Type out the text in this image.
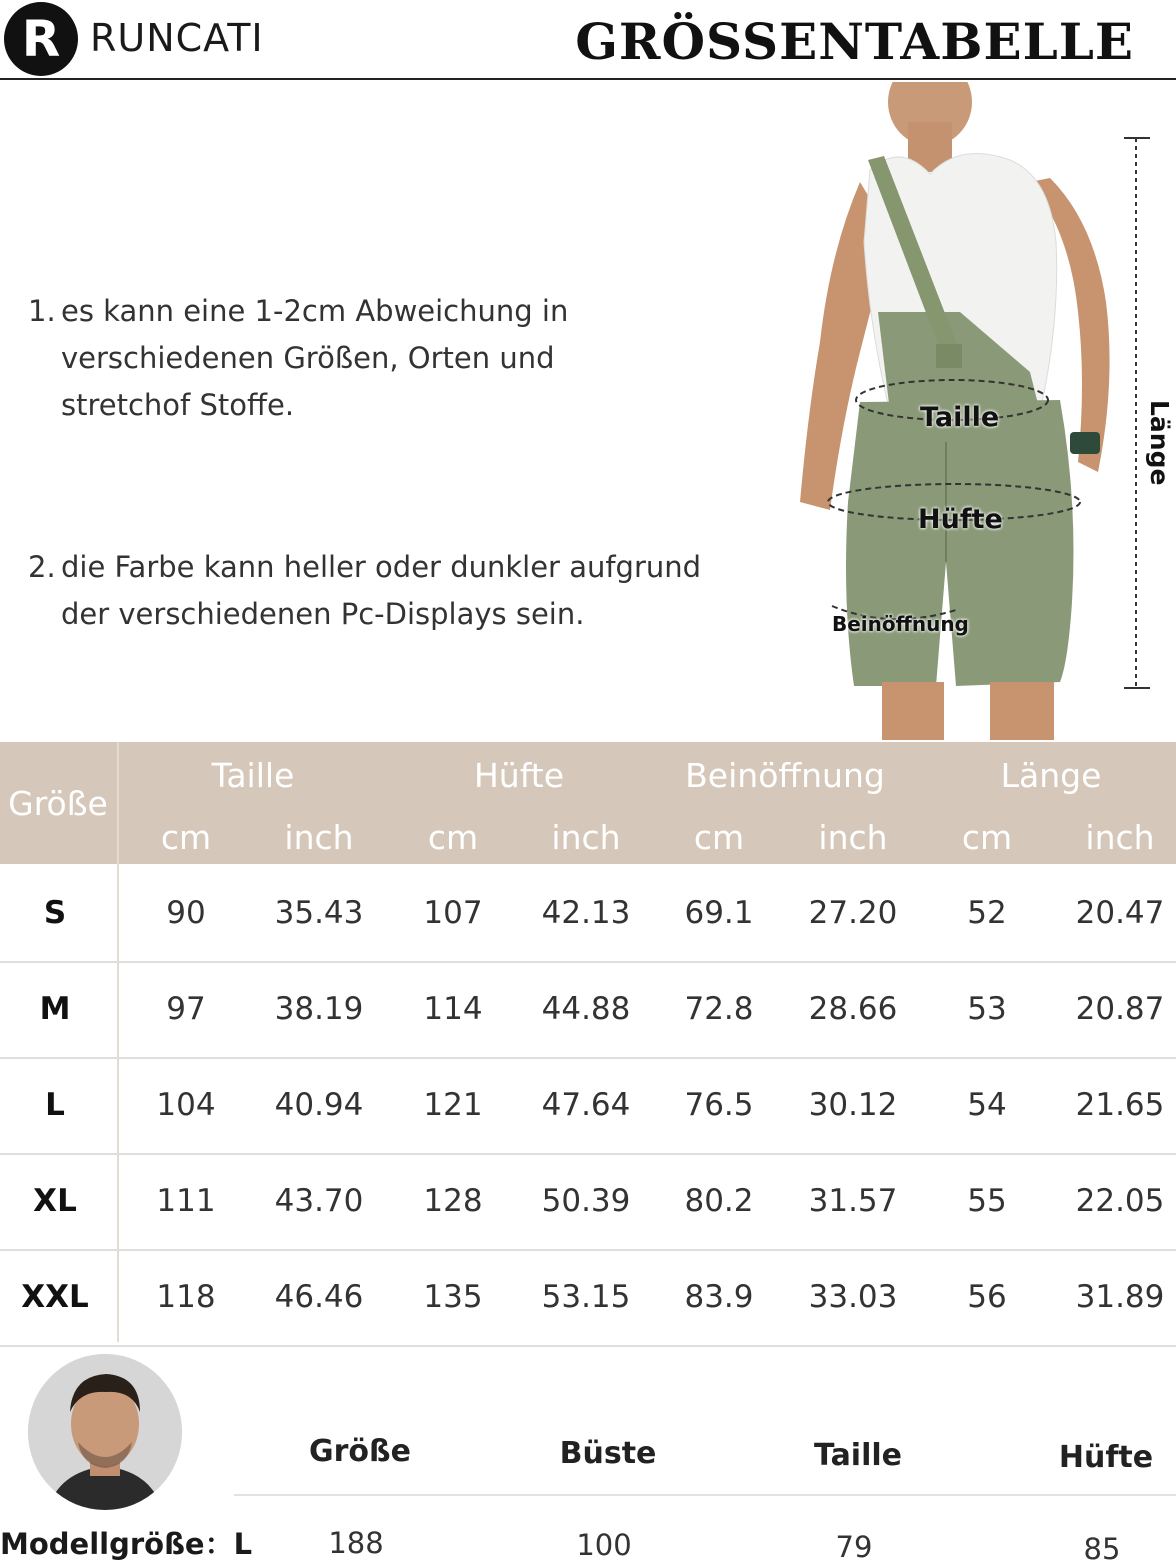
R RUNCATI	GRÖSSENTABELLE
1. es kann eine 1-2cm Abweichung in
verschiedenen Größen, Orten und
stretchof Stoffe.
2. die Farbe kann heller oder dunkler aufgrund
der verschiedenen Pc-Displays sein.
Taille
Hüfte
Beinöffnung
Länge
Größe
Taille	Hüfte	Beinöffnung	Länge
cm	inch	cm	inch	cm	inch	cm	inch
S	90	35.43	107	42.13	69.1	27.20	52	20.47
M	97	38.19	114	44.88	72.8	28.66	53	20.87
L	104	40.94	121	47.64	76.5	30.12	54	21.65
XL	111	43.70	128	50.39	80.2	31.57	55	22.05
XXL	118	46.46	135	53.15	83.9	33.03	56	31.89
Modellgröße：L
Größe	Büste	Taille	Hüfte
188	100	79	85
